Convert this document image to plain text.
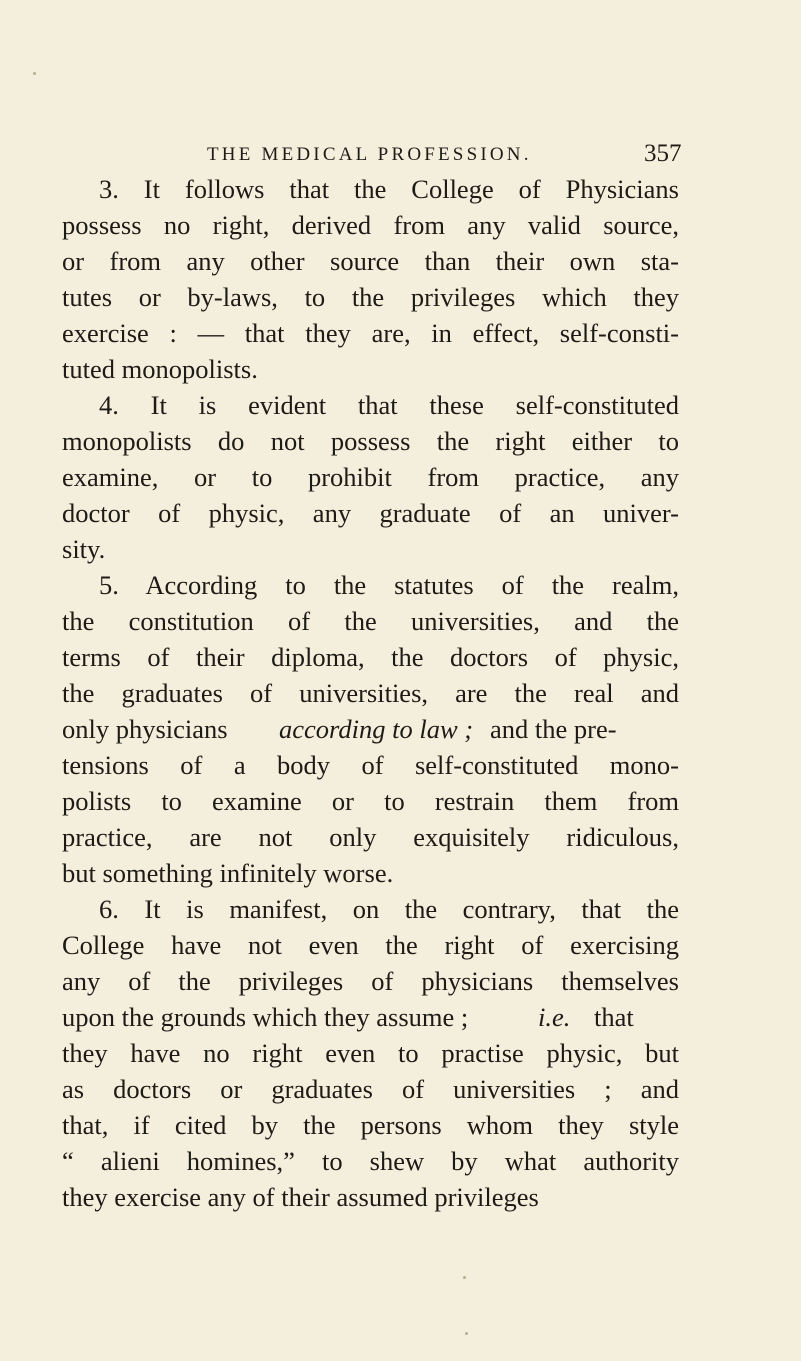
THE MEDICAL PROFESSION.	357
3. It follows that the College of Physicians
possess no right, derived from any valid source,
or from any other source than their own sta-
tutes or by-laws, to the privileges which they
exercise : — that they are, in effect, self-consti-
tuted monopolists.
4. It is evident that these self-constituted
monopolists do not possess the right either to
examine, or to prohibit from practice, any
doctor of physic, any graduate of an univer-
sity.
5. According to the statutes of the realm,
the constitution of the universities, and the
terms of their diploma, the doctors of physic,
the graduates of universities, are the real and
only physicians according to law ; and the pre-
tensions of a body of self-constituted mono-
polists to examine or to restrain them from
practice, are not only exquisitely ridiculous,
but something infinitely worse.
6. It is manifest, on the contrary, that the
College have not even the right of exercising
any of the privileges of physicians themselves
upon the grounds which they assume ;	i.e. that
they have no right even to practise physic, but
as doctors or graduates of universities ; and
that, if cited by the persons whom they style
“ alieni homines,” to shew by what authority
they exercise any of their assumed privileges
